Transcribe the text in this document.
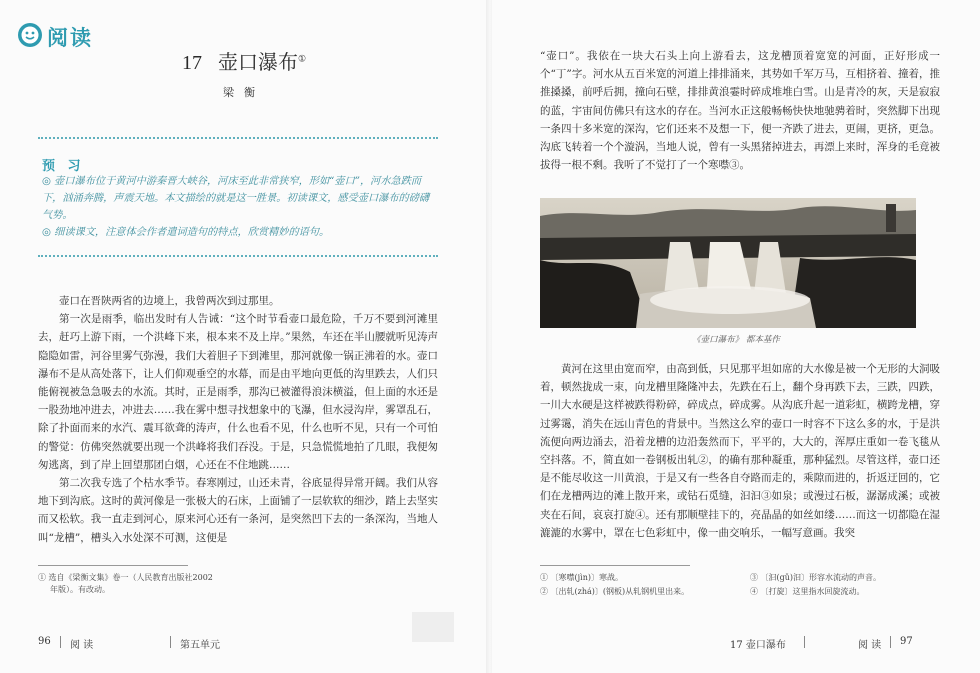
阅读
17 壶口瀑布①
梁衡
预 习
◎ 壶口瀑布位于黄河中游秦晋大峡谷，河床至此非常狭窄，形如“壶口”，河水急跌而下，汹涌奔腾，声震天地。本文描绘的就是这一胜景。初读课文，感受壶口瀑布的磅礴气势。
◎ 细读课文，注意体会作者遣词造句的特点，欣赏精妙的语句。

壶口在晋陕两省的边境上，我曾两次到过那里。

第一次是雨季，临出发时有人告诫：“这个时节看壶口最危险，千万不要到河滩里去，赶巧上游下雨，一个洪峰下来，根本来不及上岸。”果然，车还在半山腰就听见涛声隐隐如雷，河谷里雾气弥漫，我们大着胆子下到滩里，那河就像一锅正沸着的水。壶口瀑布不是从高处落下，让人们仰观垂空的水幕，而是由平地向更低的沟里跌去，人们只能俯视被急急吸去的水流。其时，正是雨季，那沟已被灌得浪沫横溢，但上面的水还是一股劲地冲进去，冲进去……我在雾中想寻找想象中的飞瀑，但水浸沟岸，雾罩乱石，除了扑面而来的水汽、震耳欲聋的涛声，什么也看不见，什么也听不见，只有一个可怕的警觉：仿佛突然就要出现一个洪峰将我们吞没。于是，只急慌慌地拍了几眼，我便匆匆逃离，到了岸上回望那团白烟，心还在不住地跳……

第二次我专选了个枯水季节。春寒刚过，山还未青，谷底显得异常开阔。我们从容地下到沟底。这时的黄河像是一张极大的石床，上面铺了一层软软的细沙，踏上去坚实而又松软。我一直走到河心，原来河心还有一条河，是突然凹下去的一条深沟，当地人叫“龙槽”，槽头入水处深不可测，这便是

① 选自《梁衡文集》卷一（人民教育出版社2002
年版）。有改动。
96 阅 读	第五单元

“壶口”。我依在一块大石头上向上游看去，这龙槽顶着宽宽的河面，正好形成一个“丁”字。河水从五百米宽的河道上排排涌来，其势如千军万马，互相挤着、撞着，推推搡搡，前呼后拥，撞向石壁，排排黄浪霎时碎成堆堆白雪。山是青冷的灰，天是寂寂的蓝，宇宙间仿佛只有这水的存在。当河水正这般畅畅快快地驰骋着时，突然脚下出现一条四十多米宽的深沟，它们还来不及想一下，便一齐跌了进去，更闹，更挤，更急。沟底飞转着一个个漩涡，当地人说，曾有一头黑猪掉进去，再漂上来时，浑身的毛竟被拔得一根不剩。我听了不觉打了一个寒噤③。

《壶口瀑布》 都本基作

黄河在这里由宽而窄，由高到低，只见那平坦如席的大水像是被一个无形的大洞吸着，顿然拢成一束，向龙槽里隆隆冲去，先跌在石上，翻个身再跌下去，三跌，四跌，一川大水硬是这样被跌得粉碎，碎成点，碎成雾。从沟底升起一道彩虹，横跨龙槽，穿过雾霭，消失在远山青色的背景中。当然这么窄的壶口一时容不下这么多的水，于是洪流便向两边涌去，沿着龙槽的边沿轰然而下，平平的，大大的，浑厚庄重如一卷飞毯从空抖落。不，简直如一卷钢板出轧②，的确有那种凝重，那种猛烈。尽管这样，壶口还是不能尽收这一川黄浪，于是又有一些各自夺路而走的，乘隙而进的，折返迂回的，它们在龙槽两边的滩上散开来，或钻石觅缝，汩汩③如泉；或漫过石板，潺潺成溪；或被夹在石间，哀哀打旋④。还有那顺壁挂下的，亮晶晶的如丝如缕……而这一切都隐在湿漉漉的水雾中，罩在七色彩虹中，像一曲交响乐，一幅写意画。我突

① 〔寒噤(jìn)〕寒战。
② 〔出轧(zhá)〕(钢板)从轧钢机里出来。
③ 〔汩(gǔ)汩〕形容水流动的声音。
④ 〔打旋〕这里指水回旋流动。
17 壶口瀑布	阅 读 97
